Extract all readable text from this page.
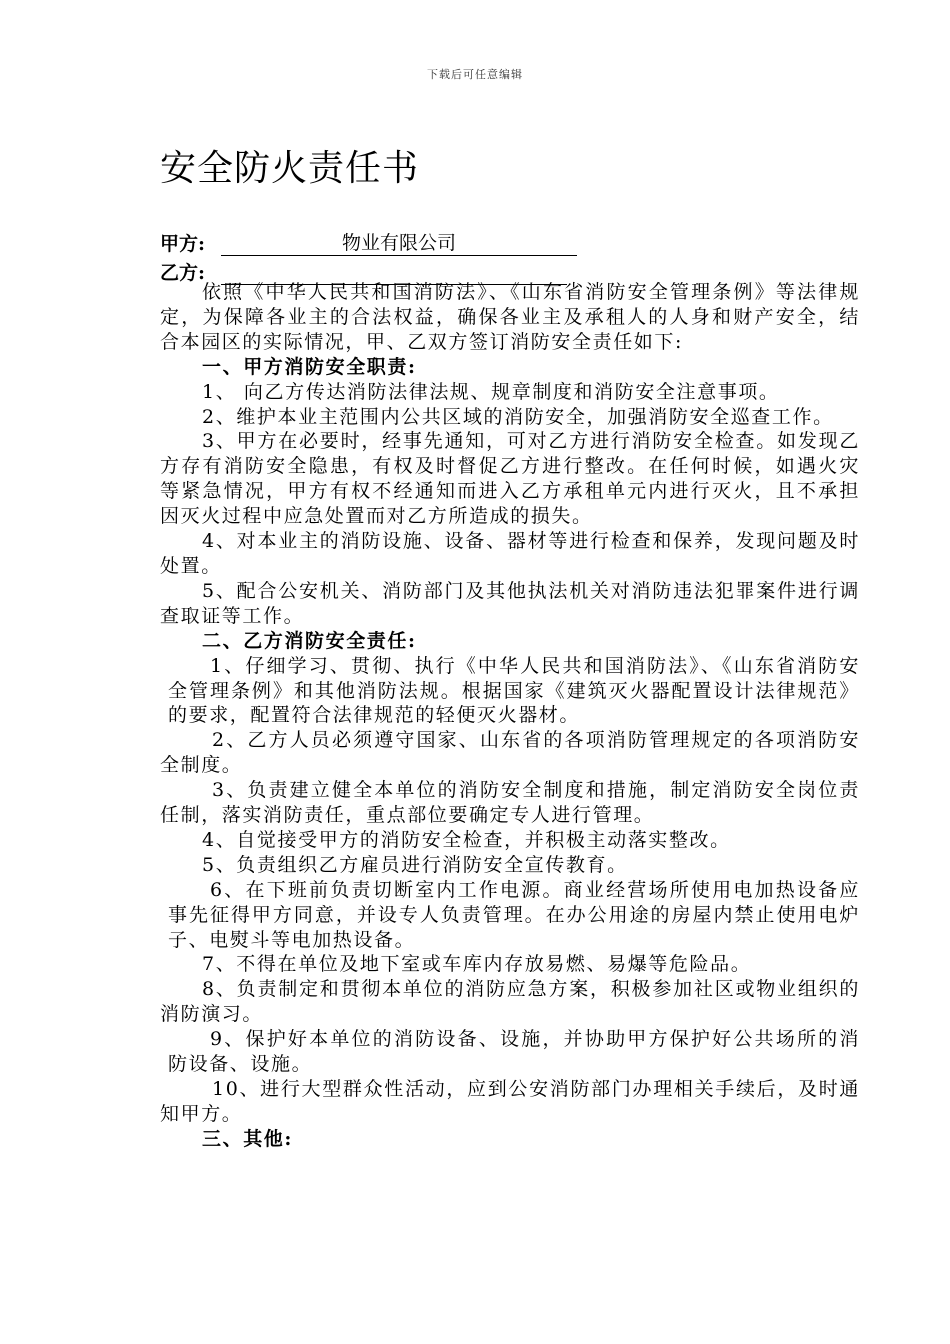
下载后可任意编辑
安全防火责任书
甲方:	物业有限公司
乙方:

依照《中华人民共和国消防法》、《山东省消防安全管理条例》等法律规定，为保障各业主的合法权益，确保各业主及承租人的人身和财产安全，结合本园区的实际情况，甲、乙双方签订消防安全责任如下:

一、甲方消防安全职责:

1、 向乙方传达消防法律法规、规章制度和消防安全注意事项。

2、维护本业主范围内公共区域的消防安全，加强消防安全巡查工作。

3、甲方在必要时，经事先通知，可对乙方进行消防安全检查。如发现乙方存有消防安全隐患，有权及时督促乙方进行整改。在任何时候，如遇火灾等紧急情况，甲方有权不经通知而进入乙方承租单元内进行灭火，且不承担因灭火过程中应急处置而对乙方所造成的损失。

4、对本业主的消防设施、设备、器材等进行检查和保养，发现问题及时处置。

5、配合公安机关、消防部门及其他执法机关对消防违法犯罪案件进行调查取证等工作。

二、乙方消防安全责任:

1、仔细学习、贯彻、执行《中华人民共和国消防法》、《山东省消防安全管理条例》和其他消防法规。根据国家《建筑灭火器配置设计法律规范》的要求，配置符合法律规范的轻便灭火器材。

2、乙方人员必须遵守国家、山东省的各项消防管理规定的各项消防安全制度。

3、负责建立健全本单位的消防安全制度和措施，制定消防安全岗位责任制，落实消防责任，重点部位要确定专人进行管理。

4、自觉接受甲方的消防安全检查，并积极主动落实整改。

5、负责组织乙方雇员进行消防安全宣传教育。

6、在下班前负责切断室内工作电源。商业经营场所使用电加热设备应事先征得甲方同意，并设专人负责管理。在办公用途的房屋内禁止使用电炉子、电熨斗等电加热设备。

7、不得在单位及地下室或车库内存放易燃、易爆等危险品。

8、负责制定和贯彻本单位的消防应急方案，积极参加社区或物业组织的消防演习。

9、保护好本单位的消防设备、设施，并协助甲方保护好公共场所的消防设备、设施。

10、进行大型群众性活动，应到公安消防部门办理相关手续后，及时通知甲方。

三、其他:
